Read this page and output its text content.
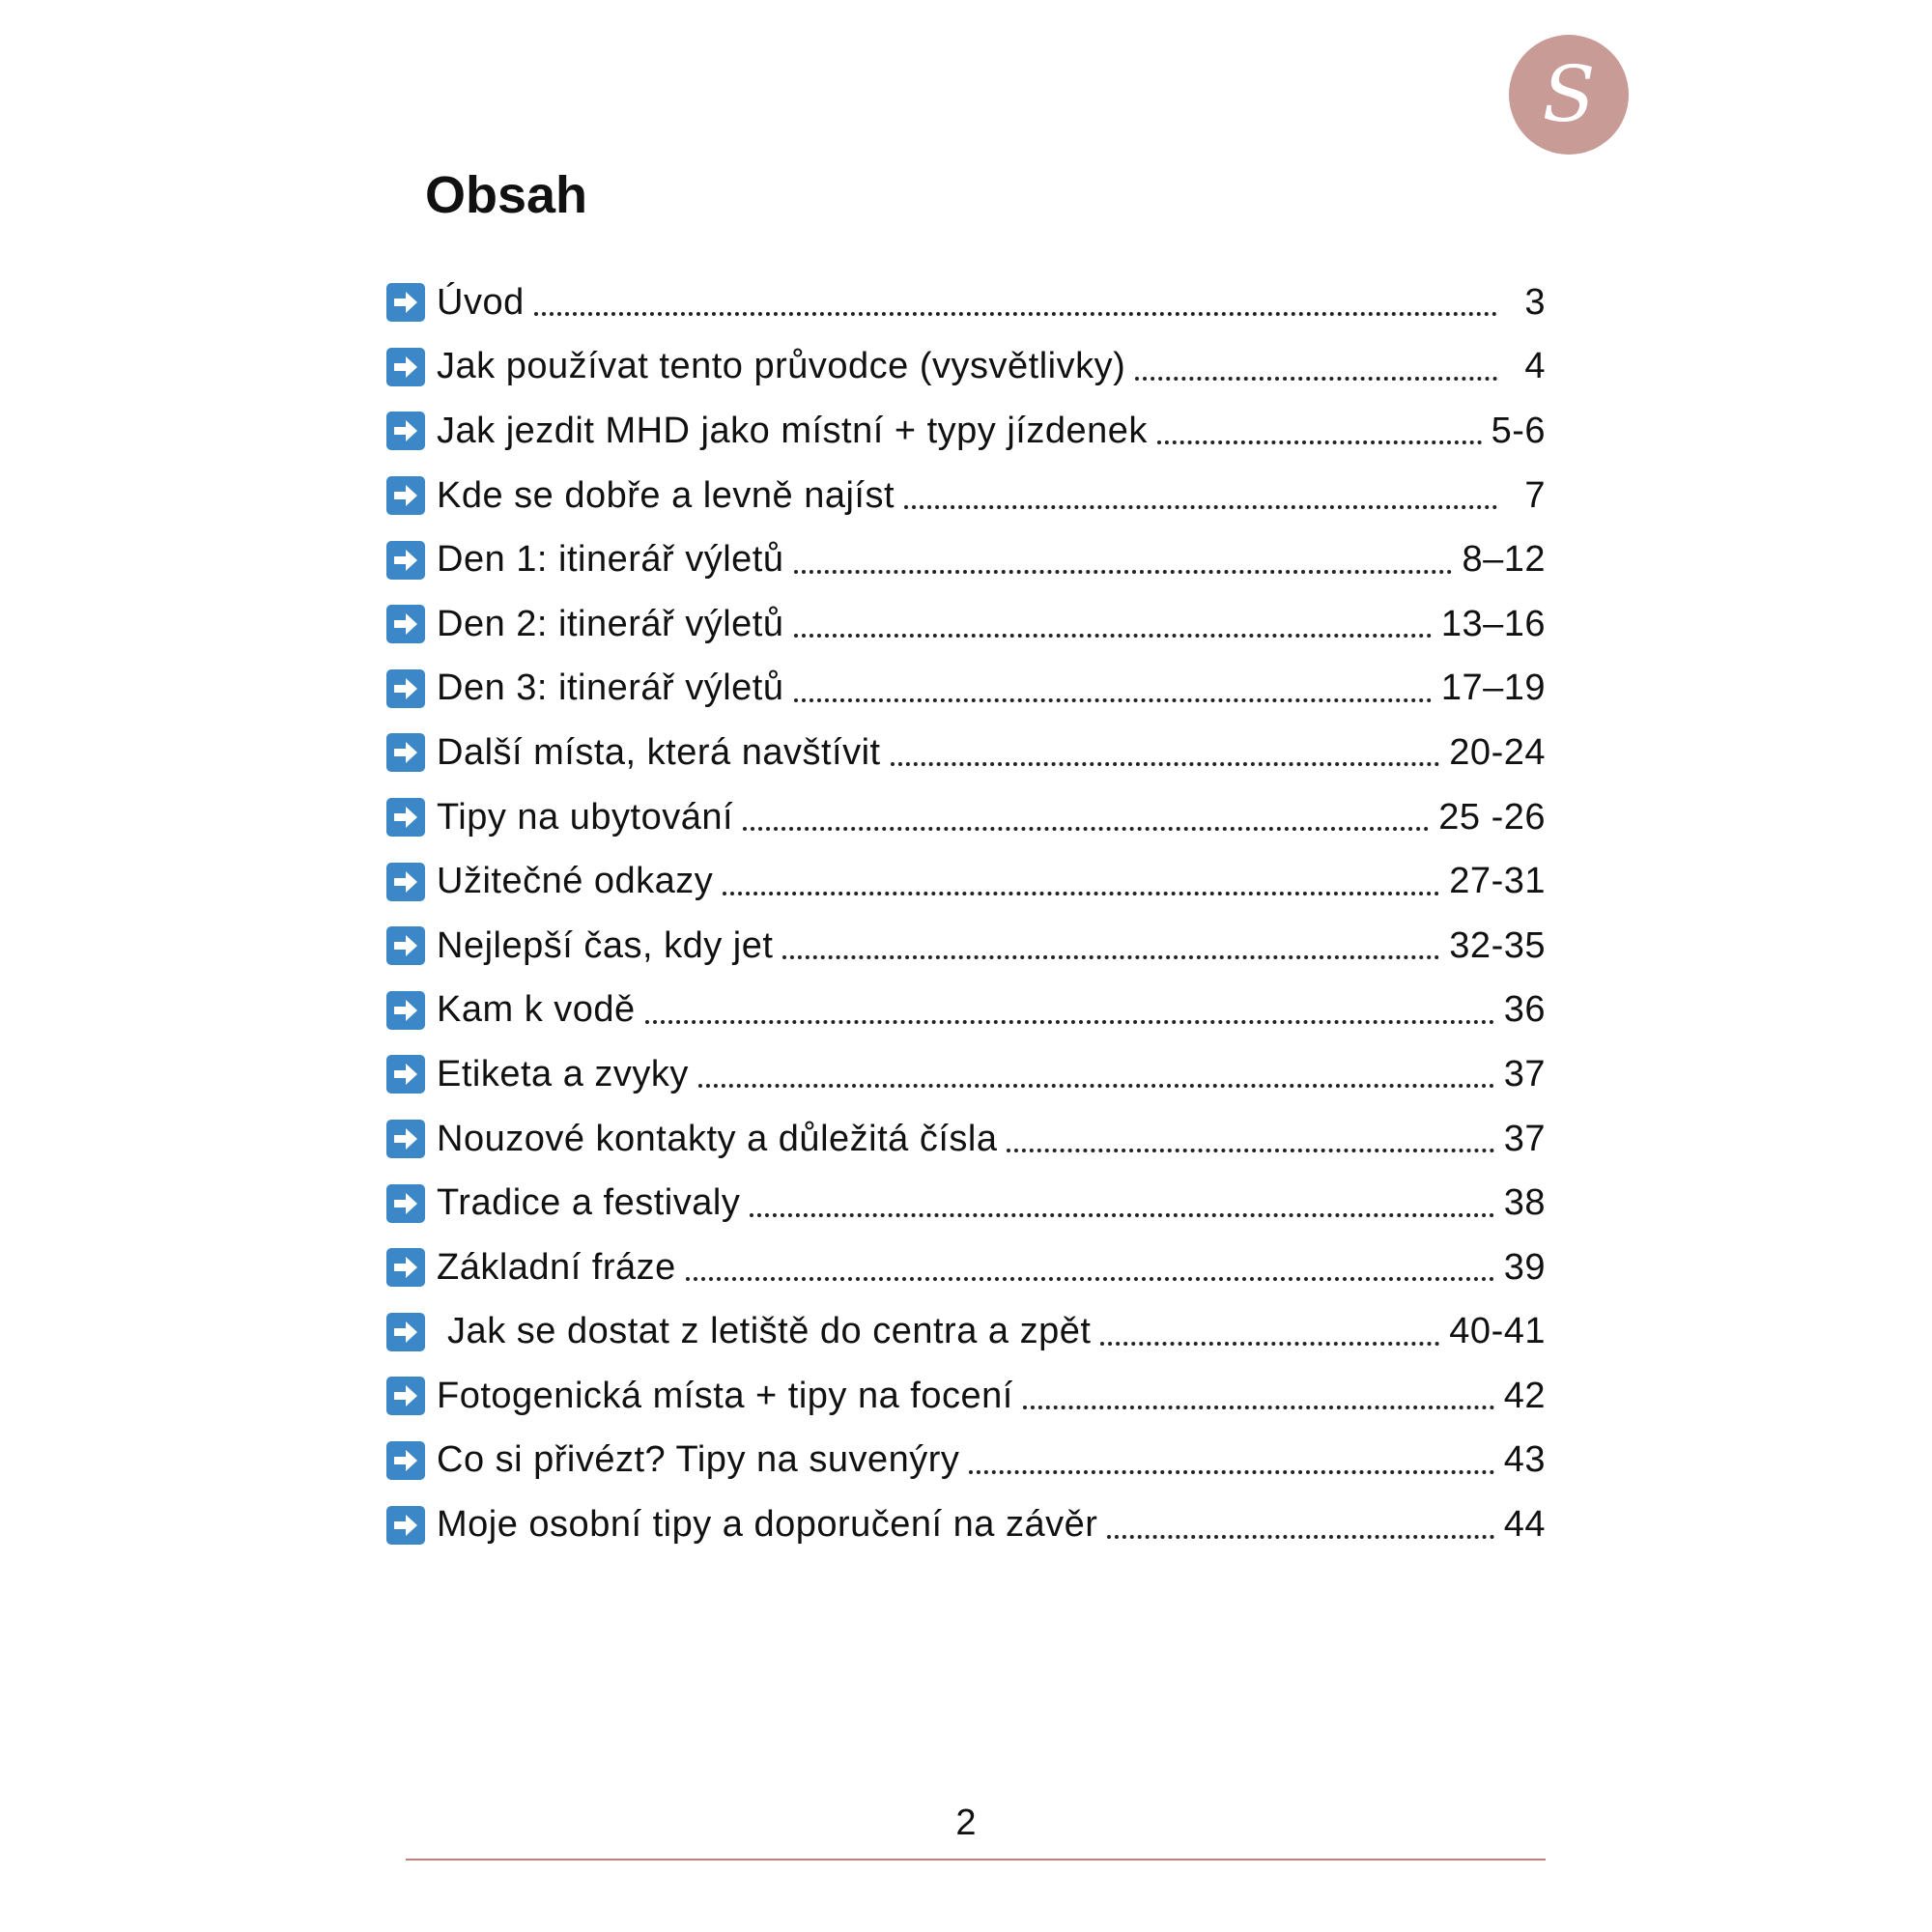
S
Obsah
Úvod	3
Jak používat tento průvodce (vysvětlivky)	4
Jak jezdit MHD jako místní + typy jízdenek	5-6
Kde se dobře a levně najíst	7
Den 1: itinerář výletů	8–12
Den 2: itinerář výletů	13–16
Den 3: itinerář výletů	17–19
Další místa, která navštívit	20-24
Tipy na ubytování	25 -26
Užitečné odkazy	27-31
Nejlepší čas, kdy jet	32-35
Kam k vodě	36
Etiketa a zvyky	37
Nouzové kontakty a důležitá čísla	37
Tradice a festivaly	38
Základní fráze	39
Jak se dostat z letiště do centra a zpět	40-41
Fotogenická místa + tipy na focení	42
Co si přivézt? Tipy na suvenýry	43
Moje osobní tipy a doporučení na závěr	44
2
